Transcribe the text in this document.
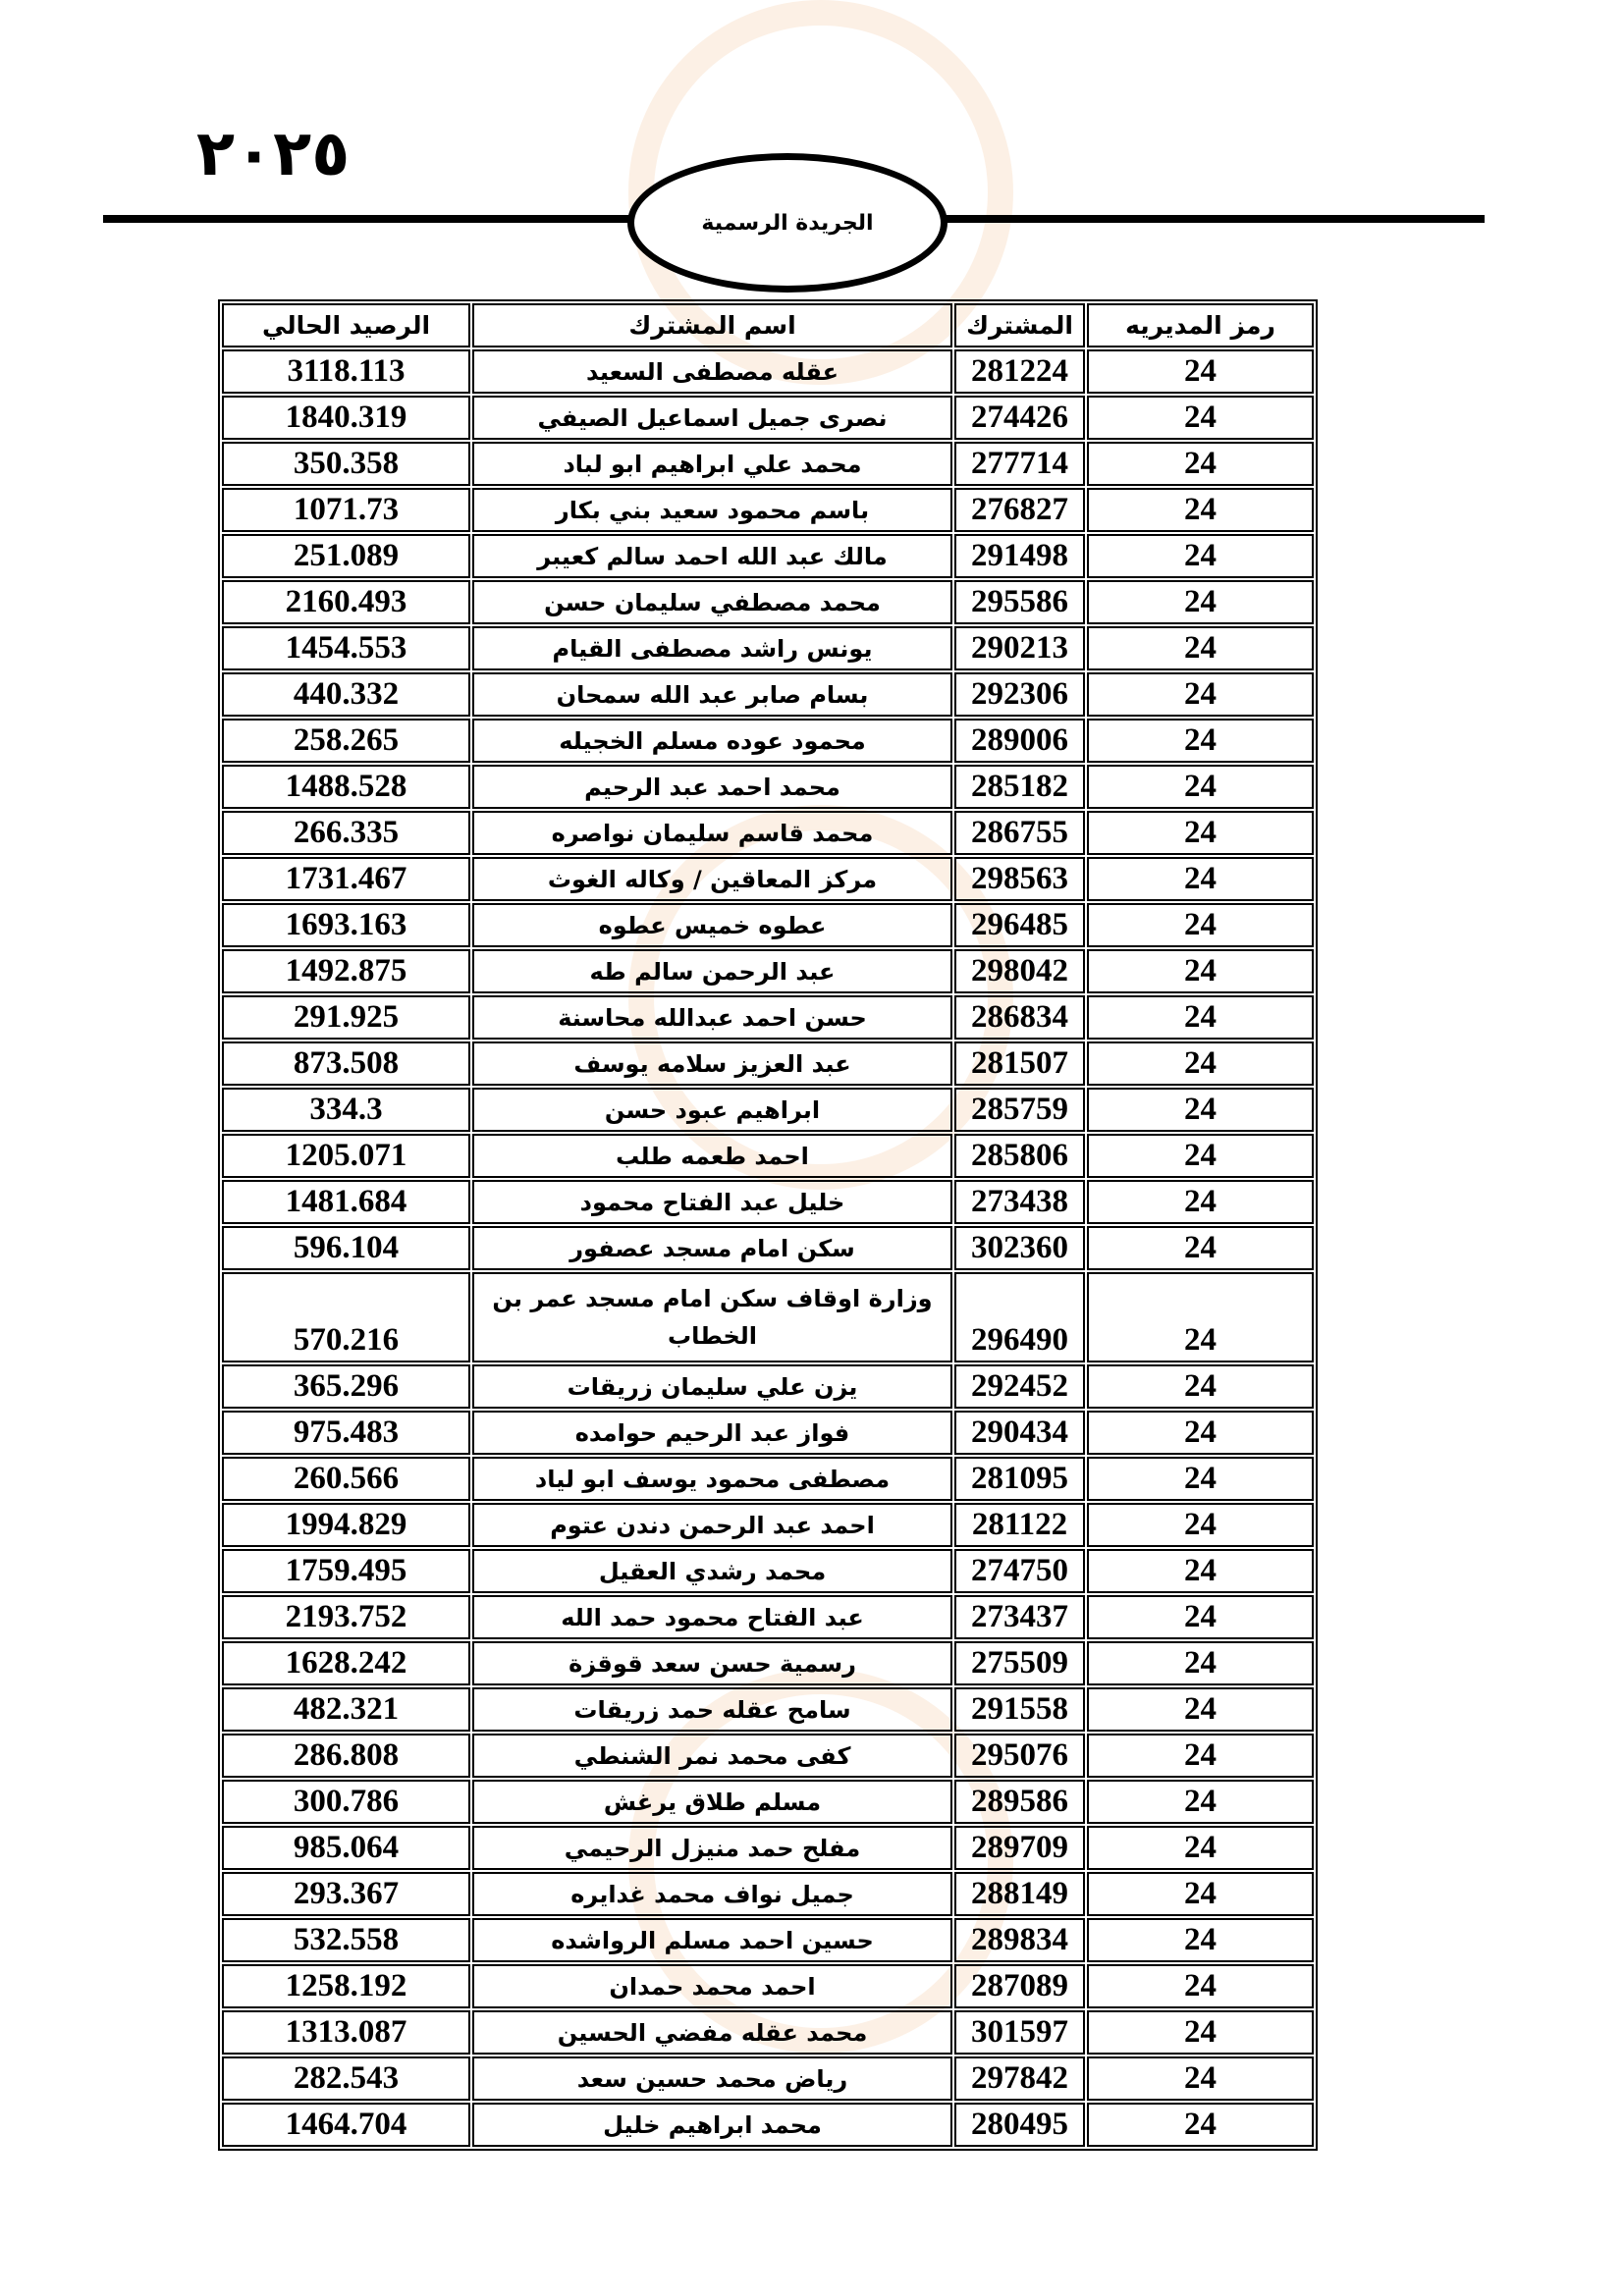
٢٠٢٥
الجريدة الرسمية
رمز المديريه	المشترك	اسم المشترك	الرصيد الحالي
24	281224	عقله مصطفى السعيد	3118.113
24	274426	نصرى جميل اسماعيل الصيفي	1840.319
24	277714	محمد علي ابراهيم ابو لباد	350.358
24	276827	باسم محمود سعيد بني بكار	1071.73
24	291498	مالك عبد الله احمد سالم كعيبر	251.089
24	295586	محمد مصطفي سليمان حسن	2160.493
24	290213	يونس راشد مصطفى القيام	1454.553
24	292306	بسام صابر عبد الله سمحان	440.332
24	289006	محمود عوده مسلم الخجيله	258.265
24	285182	محمد احمد عبد الرحيم	1488.528
24	286755	محمد قاسم سليمان نواصره	266.335
24	298563	مركز المعاقين / وكاله الغوث	1731.467
24	296485	عطوه خميس عطوه	1693.163
24	298042	عبد الرحمن سالم طه	1492.875
24	286834	حسن احمد عبدالله محاسنة	291.925
24	281507	عبد العزيز سلامه يوسف	873.508
24	285759	ابراهيم عبود حسن	334.3
24	285806	احمد طعمه طلب	1205.071
24	273438	خليل عبد الفتاح محمود	1481.684
24	302360	سكن امام مسجد عصفور	596.104
24	296490	وزارة اوقاف سكن امام مسجد عمر بن الخطاب	570.216
24	292452	يزن علي سليمان زريقات	365.296
24	290434	فواز عبد الرحيم حوامده	975.483
24	281095	مصطفى محمود يوسف ابو لياد	260.566
24	281122	احمد عبد الرحمن دندن عتوم	1994.829
24	274750	محمد رشدي العقيل	1759.495
24	273437	عبد الفتاح محمود حمد الله	2193.752
24	275509	رسمية حسن سعد قوقزة	1628.242
24	291558	سامح عقله حمد زريقات	482.321
24	295076	كفى محمد نمر الشنطي	286.808
24	289586	مسلم طلاق يرغش	300.786
24	289709	مفلح حمد منيزل الرحيمي	985.064
24	288149	جميل نواف محمد غدايره	293.367
24	289834	حسين احمد مسلم الرواشده	532.558
24	287089	احمد محمد حمدان	1258.192
24	301597	محمد عقله مفضي الحسين	1313.087
24	297842	رياض محمد حسين سعد	282.543
24	280495	محمد ابراهيم خليل	1464.704
